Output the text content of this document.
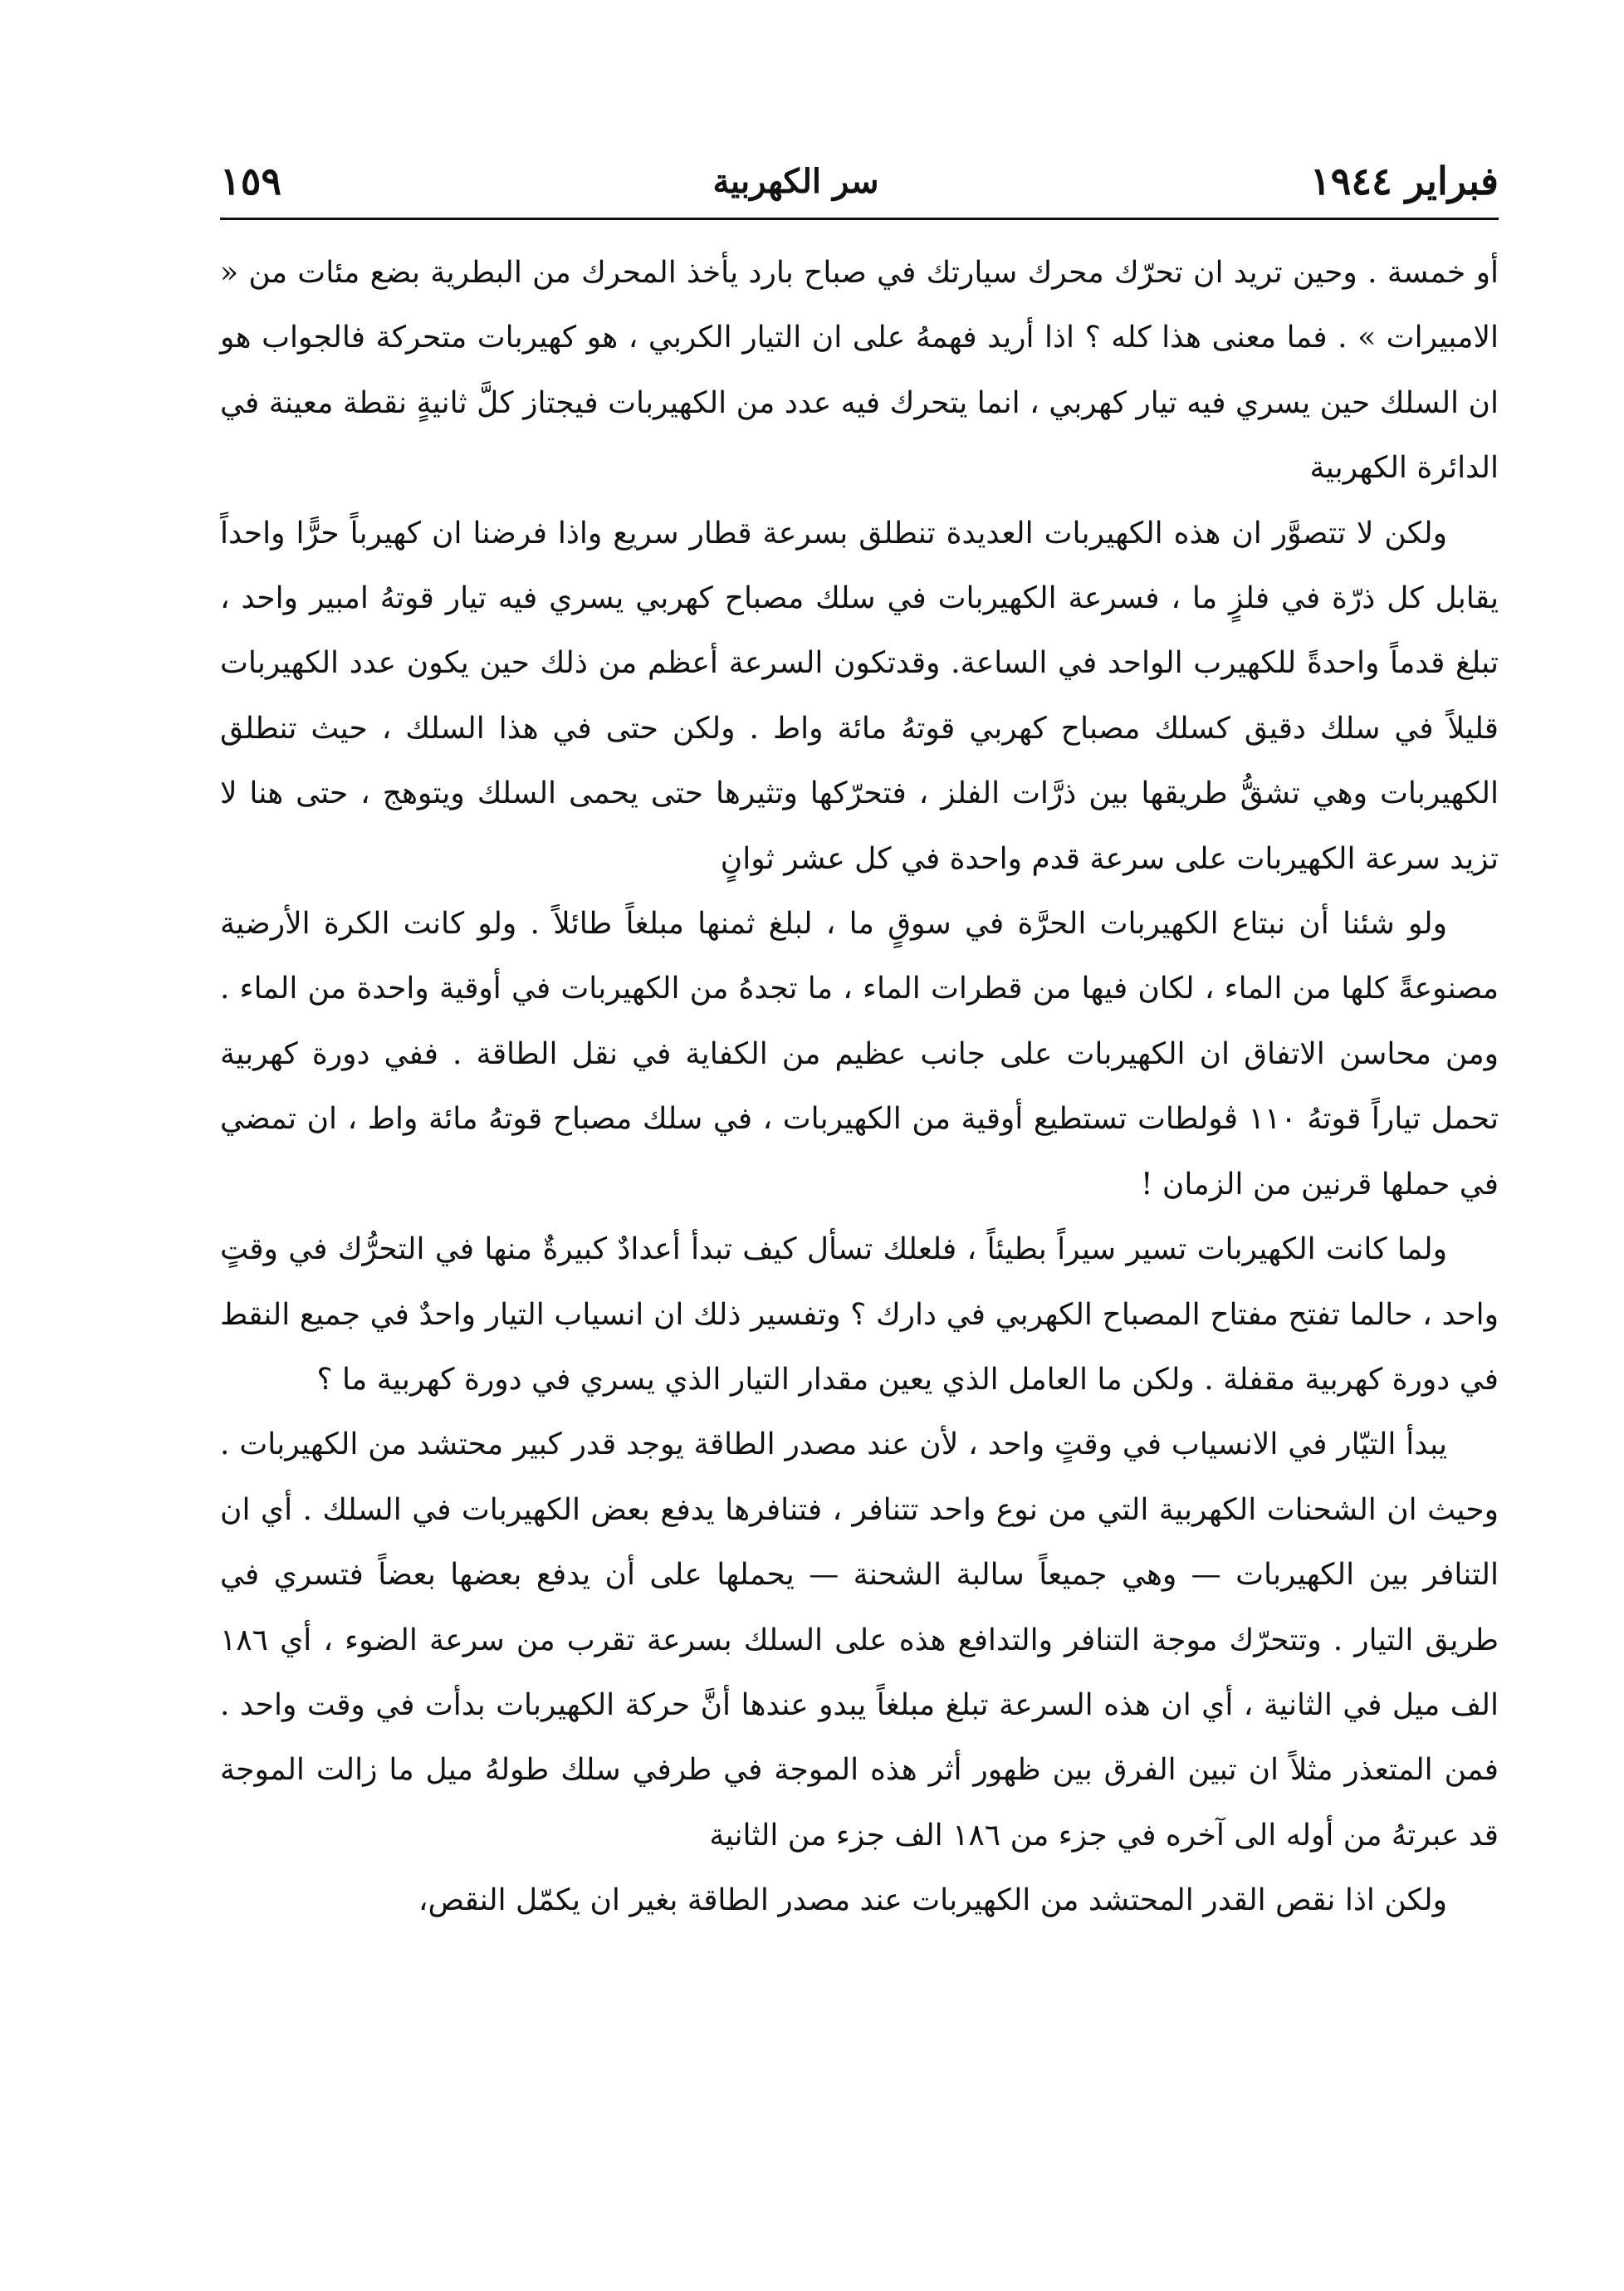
فبراير ١٩٤٤
سر الكهربية
١٥٩

أو خمسة . وحين تريد ان تحرّك محرك سيارتك في صباح بارد يأخذ المحرك من البطرية بضع مئات من « الامبيرات » . فما معنى هذا كله ؟ اذا أريد فهمهُ على ان التيار الكربي ، هو كهيربات متحركة فالجواب هو ان السلك حين يسري فيه تيار كهربي ، انما يتحرك فيه عدد من الكهيربات فيجتاز كلَّ ثانيةٍ نقطة معينة في الدائرة الكهربية

ولكن لا تتصوَّر ان هذه الكهيربات العديدة تنطلق بسرعة قطار سريع واذا فرضنا ان كهيرباً حرًّا واحداً يقابل كل ذرّة في فلزٍ ما ، فسرعة الكهيربات في سلك مصباح كهربي يسري فيه تيار قوتهُ امبير واحد ، تبلغ قدماً واحدةً للكهيرب الواحد في الساعة. وقدتكون السرعة أعظم من ذلك حين يكون عدد الكهيربات قليلاً في سلك دقيق كسلك مصباح كهربي قوتهُ مائة واط . ولكن حتى في هذا السلك ، حيث تنطلق الكهيربات وهي تشقُّ طريقها بين ذرَّات الفلز ، فتحرّكها وتثيرها حتى يحمى السلك ويتوهج ، حتى هنا لا تزيد سرعة الكهيربات على سرعة قدم واحدة في كل عشر ثوانٍ

ولو شئنا أن نبتاع الكهيربات الحرَّة في سوقٍ ما ، لبلغ ثمنها مبلغاً طائلاً . ولو كانت الكرة الأرضية مصنوعةً كلها من الماء ، لكان فيها من قطرات الماء ، ما تجدهُ من الكهيربات في أوقية واحدة من الماء . ومن محاسن الاتفاق ان الكهيربات على جانب عظيم من الكفاية في نقل الطاقة . ففي دورة كهربية تحمل تياراً قوتهُ ١١٠ ڤولطات تستطيع أوقية من الكهيربات ، في سلك مصباح قوتهُ مائة واط ، ان تمضي في حملها قرنين من الزمان !

ولما كانت الكهيربات تسير سيراً بطيئاً ، فلعلك تسأل كيف تبدأ أعدادٌ كبيرةٌ منها في التحرُّك في وقتٍ واحد ، حالما تفتح مفتاح المصباح الكهربي في دارك ؟ وتفسير ذلك ان انسياب التيار واحدٌ في جميع النقط في دورة كهربية مقفلة . ولكن ما العامل الذي يعين مقدار التيار الذي يسري في دورة كهربية ما ؟

يبدأ التيّار في الانسياب في وقتٍ واحد ، لأن عند مصدر الطاقة يوجد قدر كبير محتشد من الكهيربات . وحيث ان الشحنات الكهربية التي من نوع واحد تتنافر ، فتنافرها يدفع بعض الكهيربات في السلك . أي ان التنافر بين الكهيربات — وهي جميعاً سالبة الشحنة — يحملها على أن يدفع بعضها بعضاً فتسري في طريق التيار . وتتحرّك موجة التنافر والتدافع هذه على السلك بسرعة تقرب من سرعة الضوء ، أي ١٨٦ الف ميل في الثانية ، أي ان هذه السرعة تبلغ مبلغاً يبدو عندها أنَّ حركة الكهيربات بدأت في وقت واحد . فمن المتعذر مثلاً ان تبين الفرق بين ظهور أثر هذه الموجة في طرفي سلك طولهُ ميل ما زالت الموجة قد عبرتهُ من أوله الى آخره في جزء من ١٨٦ الف جزء من الثانية

ولكن اذا نقص القدر المحتشد من الكهيربات عند مصدر الطاقة بغير ان يكمّل النقص،
